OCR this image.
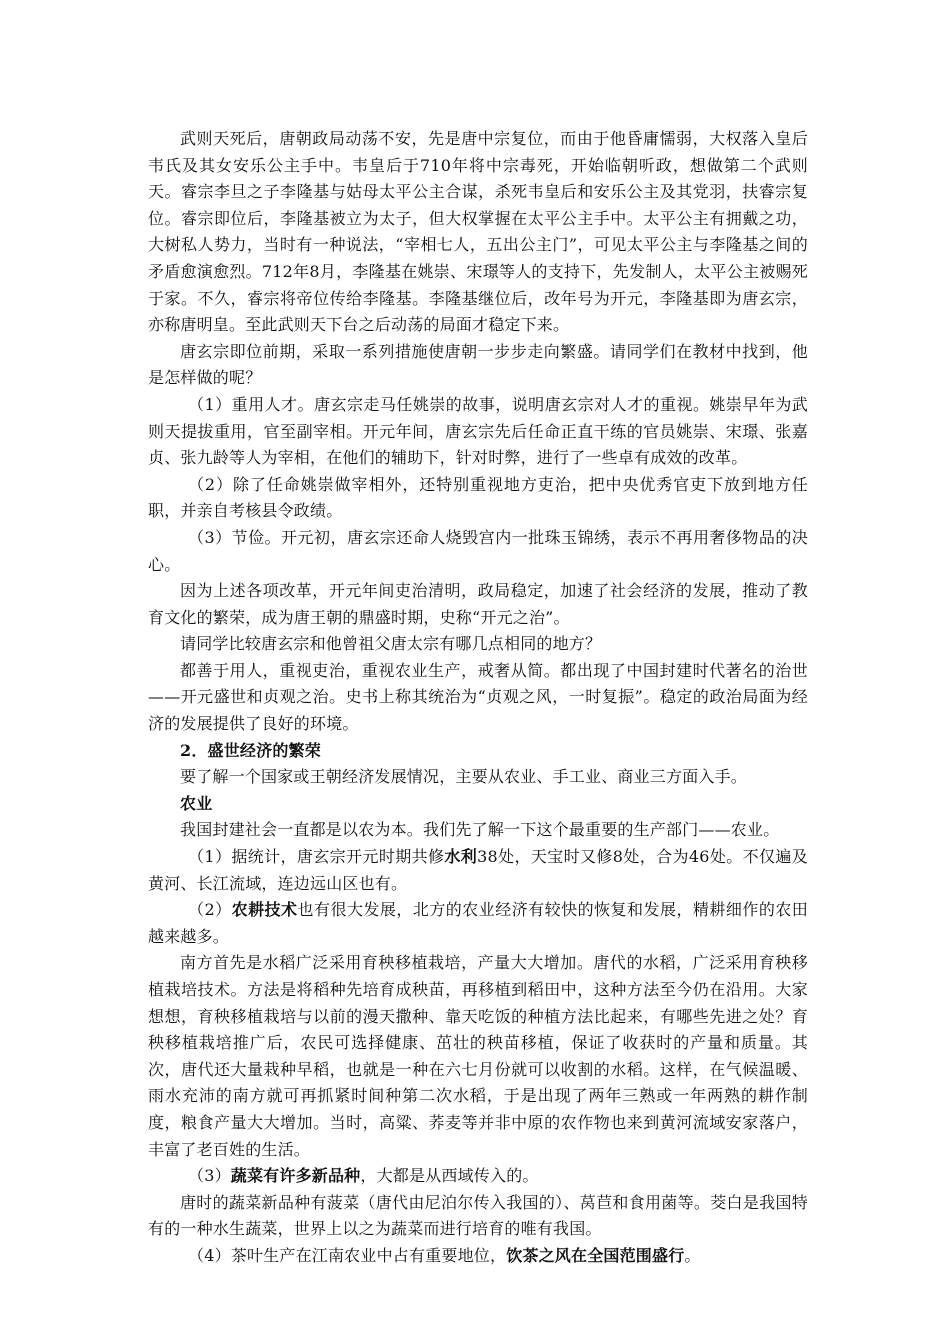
武则天死后，唐朝政局动荡不安，先是唐中宗复位，而由于他昏庸懦弱，大权落入皇后韦氏及其女安乐公主手中。韦皇后于710年将中宗毒死，开始临朝听政，想做第二个武则天。睿宗李旦之子李隆基与姑母太平公主合谋，杀死韦皇后和安乐公主及其党羽，扶睿宗复位。睿宗即位后，李隆基被立为太子，但大权掌握在太平公主手中。太平公主有拥戴之功，大树私人势力，当时有一种说法，“宰相七人，五出公主门”，可见太平公主与李隆基之间的矛盾愈演愈烈。712年8月，李隆基在姚崇、宋璟等人的支持下，先发制人，太平公主被赐死于家。不久，睿宗将帝位传给李隆基。李隆基继位后，改年号为开元，李隆基即为唐玄宗，亦称唐明皇。至此武则天下台之后动荡的局面才稳定下来。

唐玄宗即位前期，采取一系列措施使唐朝一步步走向繁盛。请同学们在教材中找到，他是怎样做的呢？

（1）重用人才。唐玄宗走马任姚崇的故事，说明唐玄宗对人才的重视。姚崇早年为武则天提拔重用，官至副宰相。开元年间，唐玄宗先后任命正直干练的官员姚崇、宋璟、张嘉贞、张九龄等人为宰相，在他们的辅助下，针对时弊，进行了一些卓有成效的改革。

（2）除了任命姚崇做宰相外，还特别重视地方吏治，把中央优秀官吏下放到地方任职，并亲自考核县令政绩。

（3）节俭。开元初，唐玄宗还命人烧毁宫内一批珠玉锦绣，表示不再用奢侈物品的决心。

因为上述各项改革，开元年间吏治清明，政局稳定，加速了社会经济的发展，推动了教育文化的繁荣，成为唐王朝的鼎盛时期，史称“开元之治”。

请同学比较唐玄宗和他曾祖父唐太宗有哪几点相同的地方？

都善于用人，重视吏治，重视农业生产，戒奢从简。都出现了中国封建时代著名的治世——开元盛世和贞观之治。史书上称其统治为“贞观之风，一时复振”。稳定的政治局面为经济的发展提供了良好的环境。

2．盛世经济的繁荣

要了解一个国家或王朝经济发展情况，主要从农业、手工业、商业三方面入手。

农业

我国封建社会一直都是以农为本。我们先了解一下这个最重要的生产部门——农业。

（1）据统计，唐玄宗开元时期共修水利38处，天宝时又修8处，合为46处。不仅遍及黄河、长江流域，连边远山区也有。

（2）农耕技术也有很大发展，北方的农业经济有较快的恢复和发展，精耕细作的农田越来越多。

南方首先是水稻广泛采用育秧移植栽培，产量大大增加。唐代的水稻，广泛采用育秧移植栽培技术。方法是将稻种先培育成秧苗，再移植到稻田中，这种方法至今仍在沿用。大家想想，育秧移植栽培与以前的漫天撒种、靠天吃饭的种植方法比起来，有哪些先进之处？育秧移植栽培推广后，农民可选择健康、茁壮的秧苗移植，保证了收获时的产量和质量。其次，唐代还大量栽种早稻，也就是一种在六七月份就可以收割的水稻。这样，在气候温暖、雨水充沛的南方就可再抓紧时间种第二次水稻，于是出现了两年三熟或一年两熟的耕作制度，粮食产量大大增加。当时，高粱、荞麦等并非中原的农作物也来到黄河流域安家落户，丰富了老百姓的生活。

（3）蔬菜有许多新品种，大都是从西域传入的。

唐时的蔬菜新品种有菠菜（唐代由尼泊尔传入我国的）、莴苣和食用菌等。茭白是我国特有的一种水生蔬菜，世界上以之为蔬菜而进行培育的唯有我国。

（4）茶叶生产在江南农业中占有重要地位，饮茶之风在全国范围盛行。
